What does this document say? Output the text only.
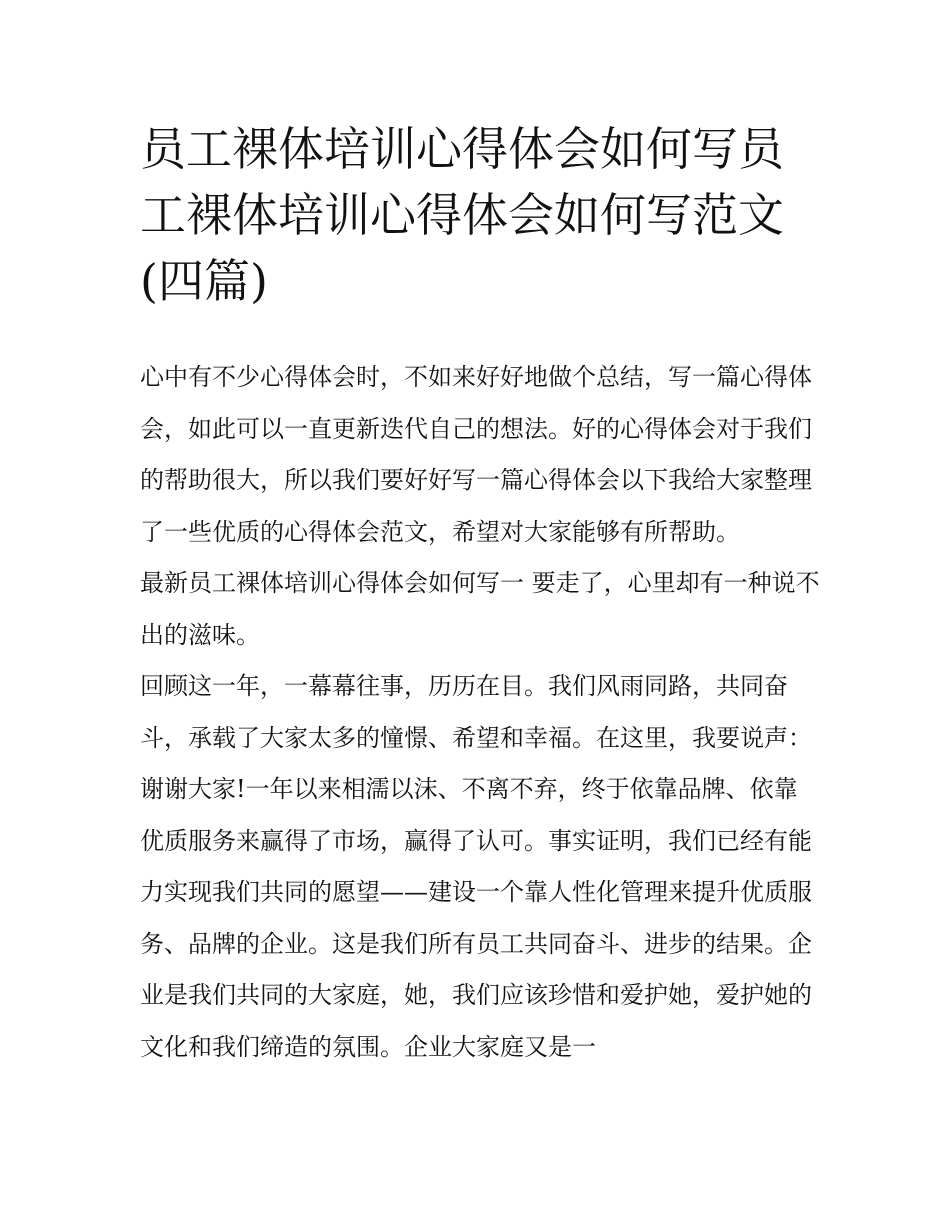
员工裸体培训心得体会如何写员工裸体培训心得体会如何写范文(四篇)

心中有不少心得体会时，不如来好好地做个总结，写一篇心得体会，如此可以一直更新迭代自己的想法。好的心得体会对于我们的帮助很大，所以我们要好好写一篇心得体会以下我给大家整理了一些优质的心得体会范文，希望对大家能够有所帮助。

最新员工裸体培训心得体会如何写一 要走了，心里却有一种说不出的滋味。

回顾这一年，一幕幕往事，历历在目。我们风雨同路，共同奋斗，承载了大家太多的憧憬、希望和幸福。在这里，我要说声：谢谢大家!一年以来相濡以沫、不离不弃，终于依靠品牌、依靠优质服务来赢得了市场，赢得了认可。事实证明，我们已经有能力实现我们共同的愿望——建设一个靠人性化管理来提升优质服务、品牌的企业。这是我们所有员工共同奋斗、进步的结果。企业是我们共同的大家庭，她，我们应该珍惜和爱护她，爱护她的文化和我们缔造的氛围。企业大家庭又是一
